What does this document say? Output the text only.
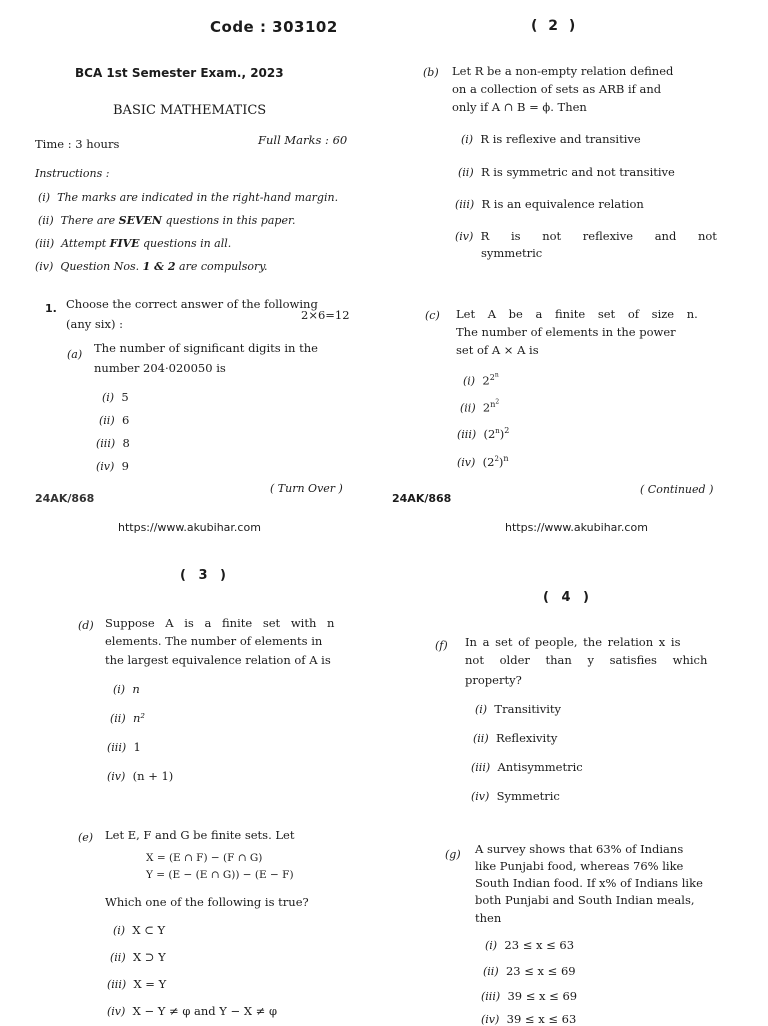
Code : 303102
BCA 1st Semester Exam., 2023
BASIC MATHEMATICS
Time : 3 hours	Full Marks : 60
Instructions :
(i) The marks are indicated in the right-hand margin.
(ii) There are SEVEN questions in this paper.
(iii) Attempt FIVE questions in all.
(iv) Question Nos. 1 & 2 are compulsory.
1. Choose the correct answer of the following
(any six) :
2×6=12
(a) The number of significant digits in the
number 204·020050 is
(i) 5
(ii) 6
(iii) 8
(iv) 9
24AK/868
( Turn Over )
https://www.akubihar.com
( 2 )
(b) Let R be a non-empty relation defined
on a collection of sets as ARB if and
only if A ∩ B = ϕ. Then
(i) R is reflexive and transitive
(ii) R is symmetric and not transitive
(iii) R is an equivalence relation
(iv) R is not reflexive and not
symmetric
(c) Let A be a finite set of size n.
The number of elements in the power
set of A × A is
(i)  $2^{2^n}$
(ii)  $2^{n^2}$
(iii)  $(2^n)^2$
(iv)  $(2^2)^n$
24AK/868
( Continued )
https://www.akubihar.com
( 3 )
(d) Suppose A is a finite set with n
elements. The number of elements in
the largest equivalence relation of A is
(i) n
(ii) n²
(iii) 1
(iv) (n + 1)
(e) Let E, F and G be finite sets. Let
X = (E ∩ F) − (F ∩ G)
Y = (E − (E ∩ G)) − (E − F)
Which one of the following is true?
(i) X ⊂ Y
(ii) X ⊃ Y
(iii) X = Y
(iv) X − Y ≠ φ and Y − X ≠ φ
( 4 )
(f) In a set of people, the relation x is
not older than y satisfies which
property?
(i) Transitivity
(ii) Reflexivity
(iii) Antisymmetric
(iv) Symmetric
(g) A survey shows that 63% of Indians
like Punjabi food, whereas 76% like
South Indian food. If x% of Indians like
both Punjabi and South Indian meals,
then
(i) 23 ≤ x ≤ 63
(ii) 23 ≤ x ≤ 69
(iii) 39 ≤ x ≤ 69
(iv) 39 ≤ x ≤ 63
